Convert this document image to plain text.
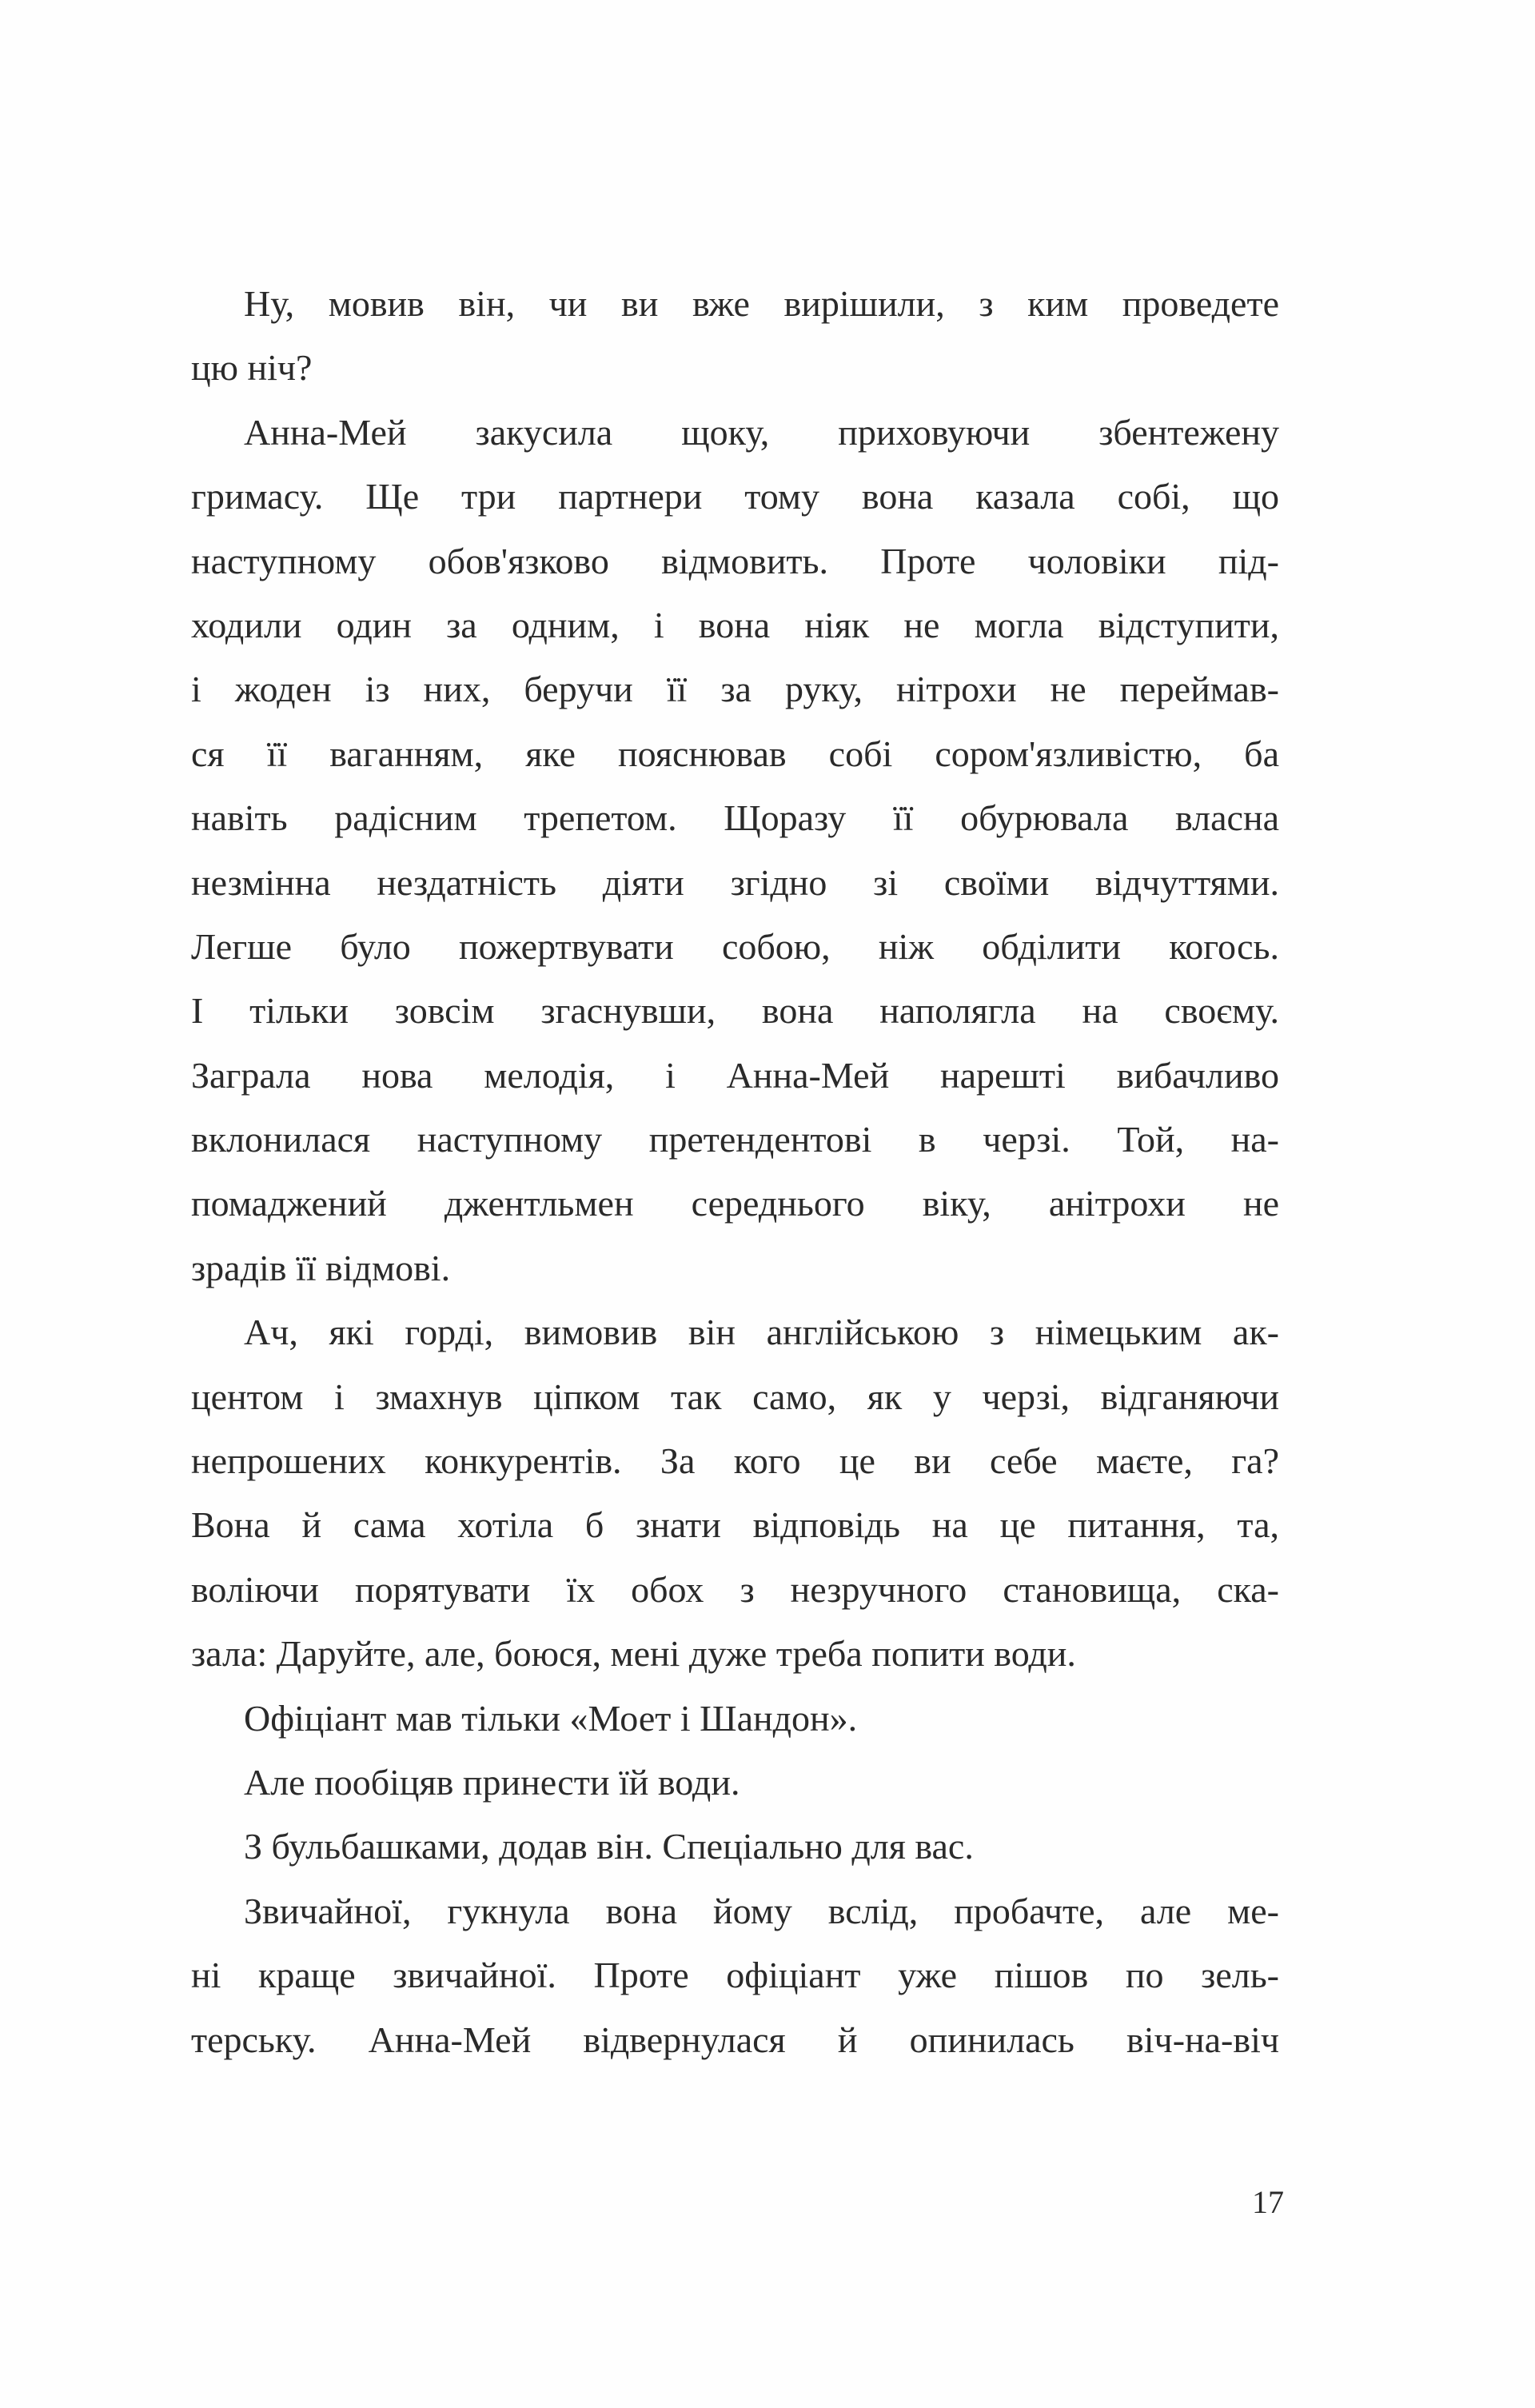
Ну, мовив він, чи ви вже вирішили, з ким проведете
цю ніч?
Анна-Мей закусила щоку, приховуючи збентежену
гримасу. Ще три партнери тому вона казала собі, що
наступному обов'язково відмовить. Проте чоловіки під-
ходили один за одним, і вона ніяк не могла відступити,
і жоден із них, беручи її за руку, нітрохи не переймав-
ся її ваганням, яке пояснював собі сором'язливістю, ба
навіть радісним трепетом. Щоразу її обурювала власна
незмінна нездатність діяти згідно зі своїми відчуттями.
Легше було пожертвувати собою, ніж обділити когось.
І тільки зовсім згаснувши, вона наполягла на своєму.
Заграла нова мелодія, і Анна-Мей нарешті вибачливо
вклонилася наступному претендентові в черзі. Той, на-
помаджений джентльмен середнього віку, анітрохи не
зрадів її відмові.
Ач, які горді, вимовив він англійською з німецьким ак-
центом і змахнув ціпком так само, як у черзі, відганяючи
непрошених конкурентів. За кого це ви себе маєте, га?
Вона й сама хотіла б знати відповідь на це питання, та,
воліючи порятувати їх обох з незручного становища, ска-
зала: Даруйте, але, боюся, мені дуже треба попити води.
Офіціант мав тільки «Моет і Шандон».
Але пообіцяв принести їй води.
З бульбашками, додав він. Спеціально для вас.
Звичайної, гукнула вона йому вслід, пробачте, але ме-
ні краще звичайної. Проте офіціант уже пішов по зель-
терську. Анна-Мей відвернулася й опинилась віч-на-віч
17
